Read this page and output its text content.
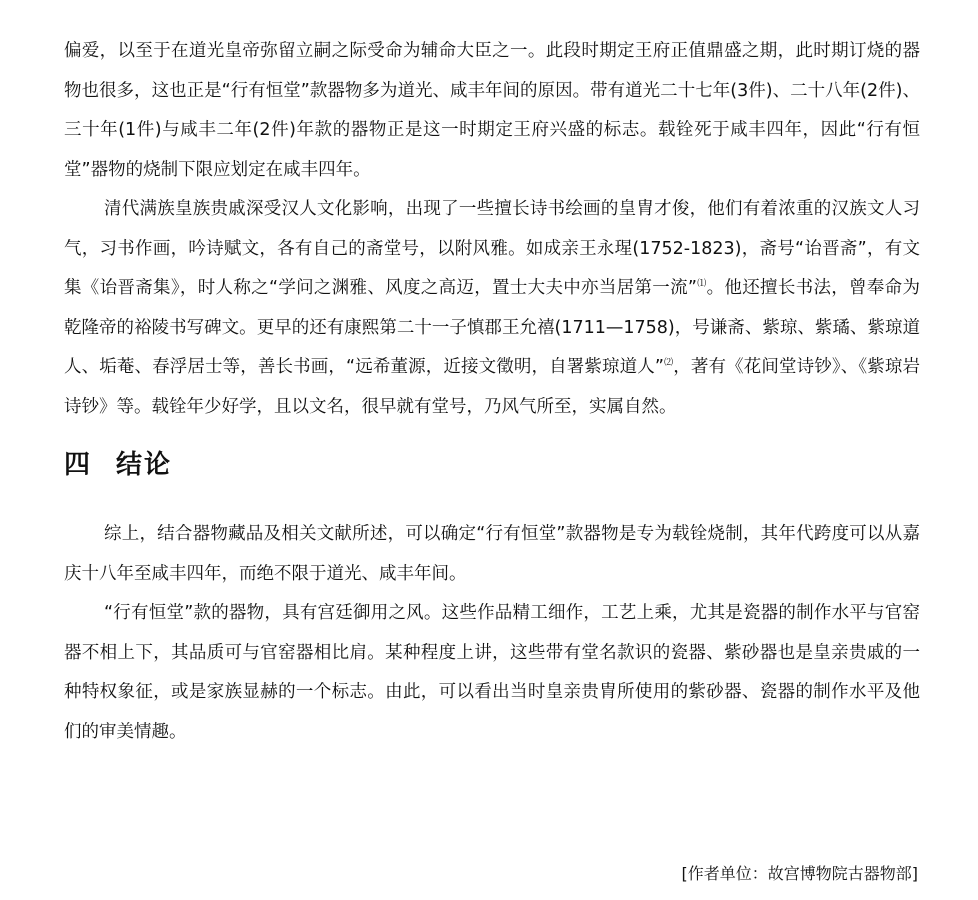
偏爱，以至于在道光皇帝弥留立嗣之际受命为辅命大臣之一。此段时期定王府正值鼎盛之期，此时期订烧的器物也很多，这也正是“行有恒堂”款器物多为道光、咸丰年间的原因。带有道光二十七年(3件)、二十八年(2件)、三十年(1件)与咸丰二年(2件)年款的器物正是这一时期定王府兴盛的标志。载铨死于咸丰四年，因此“行有恒堂”器物的烧制下限应划定在咸丰四年。

清代满族皇族贵戚深受汉人文化影响，出现了一些擅长诗书绘画的皇胄才俊，他们有着浓重的汉族文人习气，习书作画，吟诗赋文，各有自己的斋堂号，以附风雅。如成亲王永瑆(1752-1823)，斋号“诒晋斋”，有文集《诒晋斋集》，时人称之“学问之渊雅、风度之高迈，置士大夫中亦当居第一流”⑴。他还擅长书法，曾奉命为乾隆帝的裕陵书写碑文。更早的还有康熙第二十一子慎郡王允禧(1711—1758)，号谦斋、紫琼、紫璚、紫琼道人、垢菴、春浮居士等，善长书画，“远希董源，近接文徵明，自署紫琼道人”⑵，著有《花间堂诗钞》、《紫琼岩诗钞》等。载铨年少好学，且以文名，很早就有堂号，乃风气所至，实属自然。

四 结论

综上，结合器物藏品及相关文献所述，可以确定“行有恒堂”款器物是专为载铨烧制，其年代跨度可以从嘉庆十八年至咸丰四年，而绝不限于道光、咸丰年间。

“行有恒堂”款的器物，具有宫廷御用之风。这些作品精工细作，工艺上乘，尤其是瓷器的制作水平与官窑器不相上下，其品质可与官窑器相比肩。某种程度上讲，这些带有堂名款识的瓷器、紫砂器也是皇亲贵戚的一种特权象征，或是家族显赫的一个标志。由此，可以看出当时皇亲贵胄所使用的紫砂器、瓷器的制作水平及他们的审美情趣。

[作者单位：故宫博物院古器物部]
